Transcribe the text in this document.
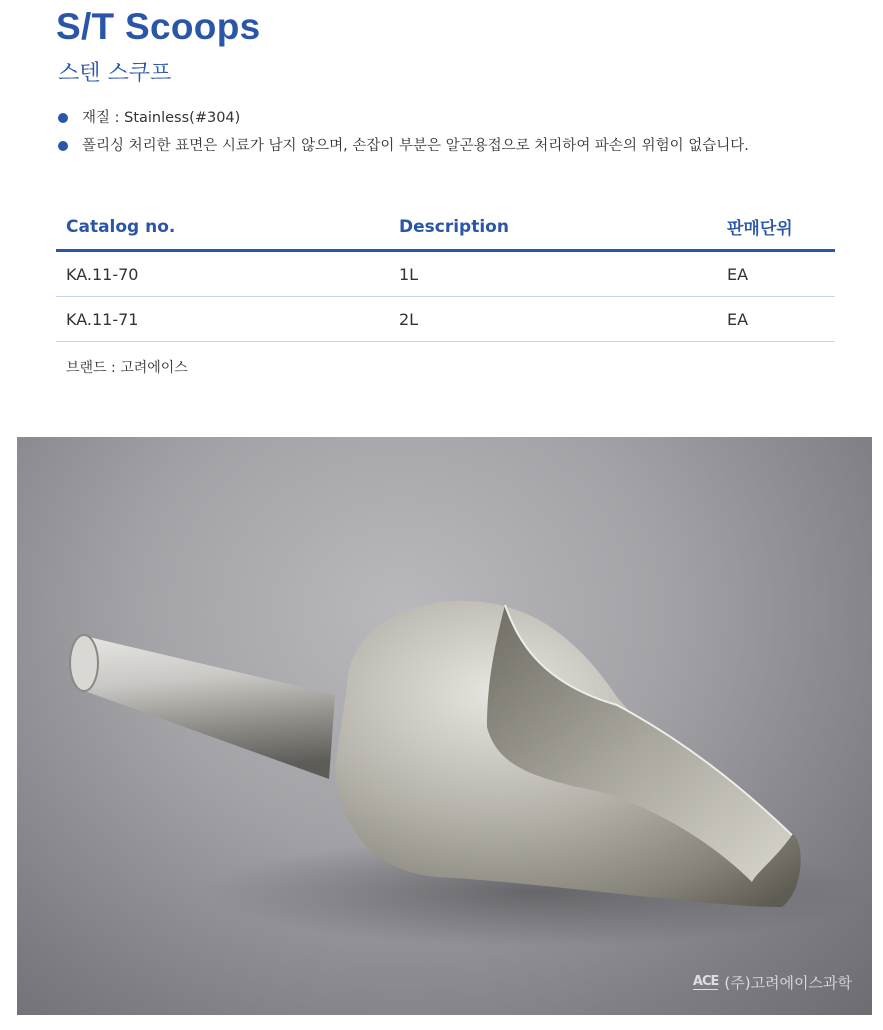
S/T Scoops
스텐 스쿠프
재질 : Stainless(#304)
폴리싱 처리한 표면은 시료가 남지 않으며, 손잡이 부분은 알곤용접으로 처리하여 파손의 위험이 없습니다.
Catalog no.	Description	판매단위
KA.11-70	1L	EA
KA.11-71	2L	EA
브랜드 : 고려에이스
ACE (주)고려에이스과학
